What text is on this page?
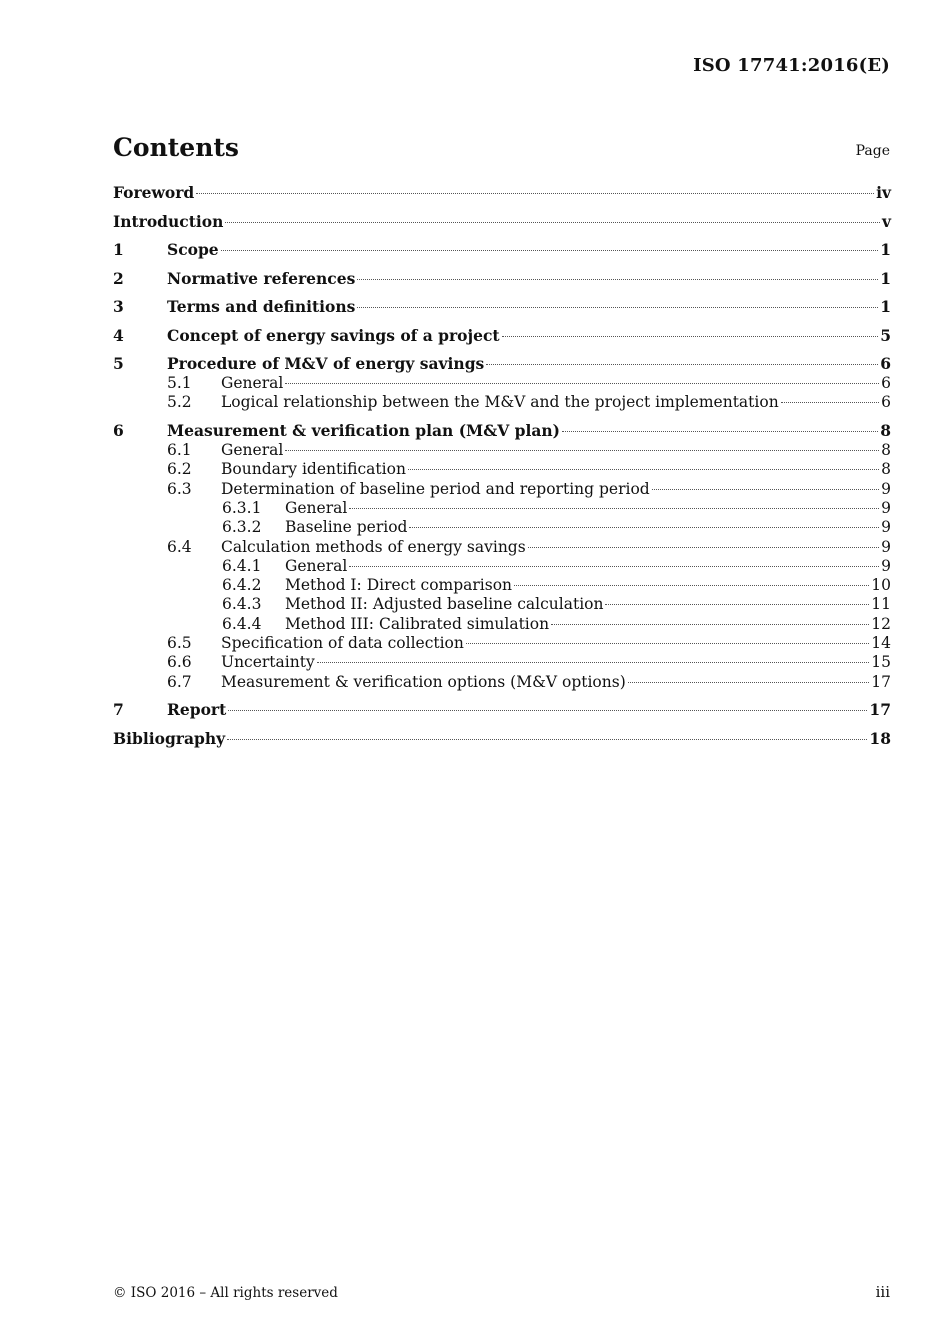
ISO 17741:2016(E)
Contents	Page
Foreword	iv
Introduction	v
1	Scope	1
2	Normative references	1
3	Terms and definitions	1
4	Concept of energy savings of a project	5
5	Procedure of M&V of energy savings	6
5.1	General	6
5.2	Logical relationship between the M&V and the project implementation	6
6	Measurement & verification plan (M&V plan)	8
6.1	General	8
6.2	Boundary identification	8
6.3	Determination of baseline period and reporting period	9
6.3.1	General	9
6.3.2	Baseline period	9
6.4	Calculation methods of energy savings	9
6.4.1	General	9
6.4.2	Method I: Direct comparison	10
6.4.3	Method II: Adjusted baseline calculation	11
6.4.4	Method III: Calibrated simulation	12
6.5	Specification of data collection	14
6.6	Uncertainty	15
6.7	Measurement & verification options (M&V options)	17
7	Report	17
Bibliography	18
© ISO 2016 – All rights reserved	iii
